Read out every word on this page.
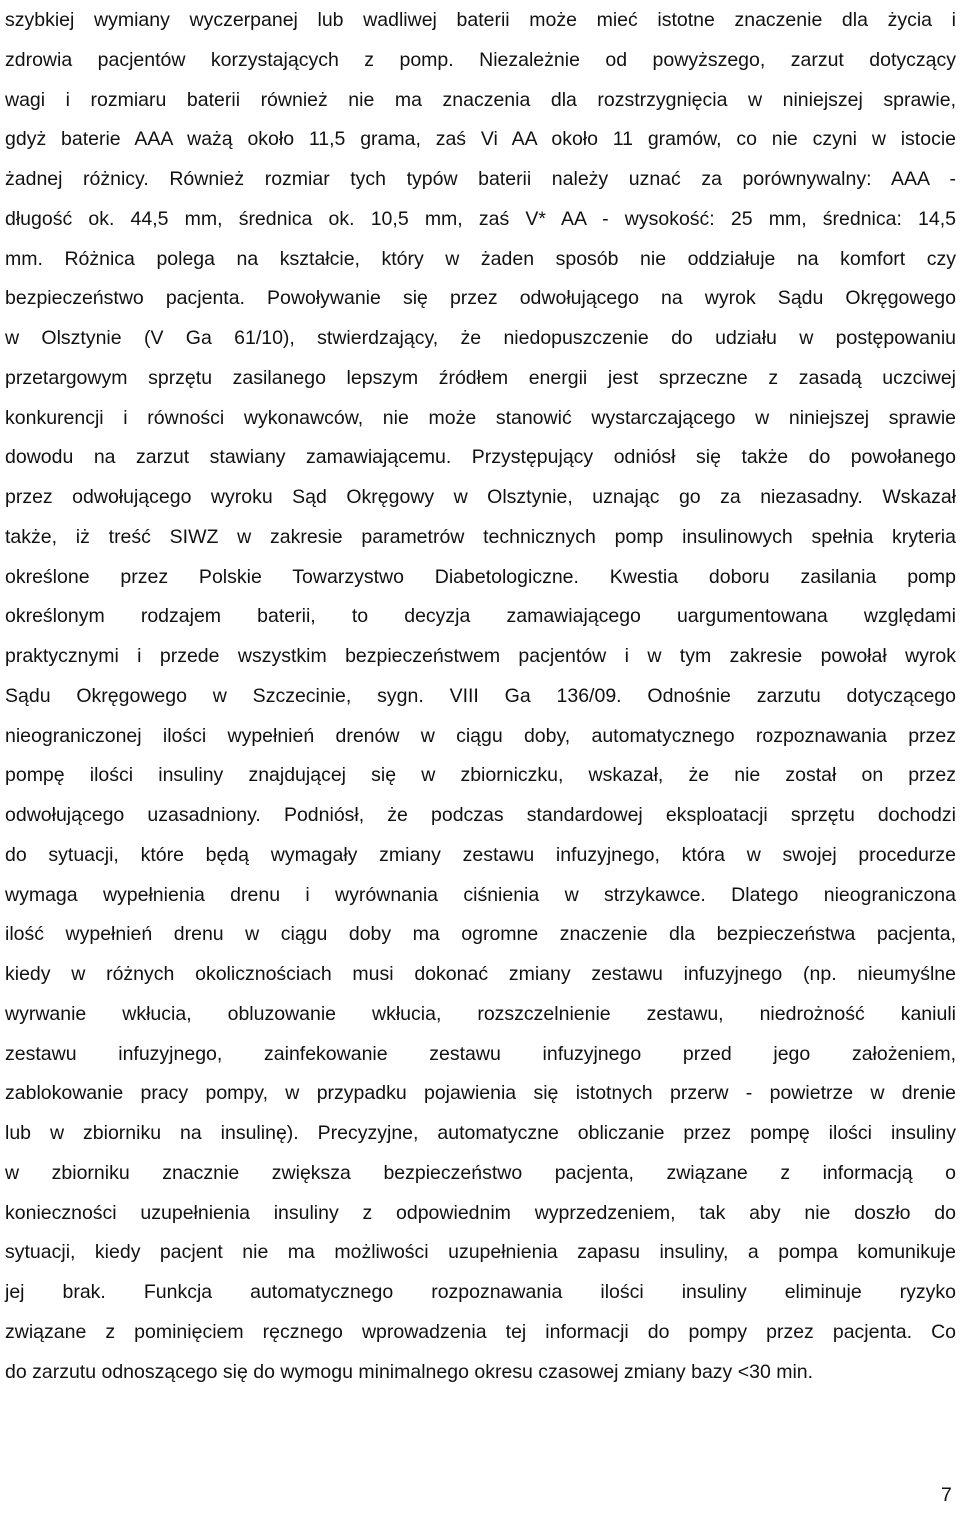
szybkiej wymiany wyczerpanej lub wadliwej baterii może mieć istotne znaczenie dla życia i
zdrowia pacjentów korzystających z pomp. Niezależnie od powyższego, zarzut dotyczący
wagi i rozmiaru baterii również nie ma znaczenia dla rozstrzygnięcia w niniejszej sprawie,
gdyż baterie AAA ważą około 11,5 grama, zaś Vi AA około 11 gramów, co nie czyni w istocie
żadnej różnicy. Również rozmiar tych typów baterii należy uznać za porównywalny: AAA -
długość ok. 44,5 mm, średnica ok. 10,5 mm, zaś V* AA - wysokość: 25 mm, średnica: 14,5
mm. Różnica polega na kształcie, który w żaden sposób nie oddziałuje na komfort czy
bezpieczeństwo pacjenta. Powoływanie się przez odwołującego na wyrok Sądu Okręgowego
w Olsztynie (V Ga 61/10), stwierdzający, że niedopuszczenie do udziału w postępowaniu
przetargowym sprzętu zasilanego lepszym źródłem energii jest sprzeczne z zasadą uczciwej
konkurencji i równości wykonawców, nie może stanowić wystarczającego w niniejszej sprawie
dowodu na zarzut stawiany zamawiającemu. Przystępujący odniósł się także do powołanego
przez odwołującego wyroku Sąd Okręgowy w Olsztynie, uznając go za niezasadny. Wskazał
także, iż treść SIWZ w zakresie parametrów technicznych pomp insulinowych spełnia kryteria
określone przez Polskie Towarzystwo Diabetologiczne. Kwestia doboru zasilania pomp
określonym rodzajem baterii, to decyzja zamawiającego uargumentowana względami
praktycznymi i przede wszystkim bezpieczeństwem pacjentów i w tym zakresie powołał wyrok
Sądu Okręgowego w Szczecinie, sygn. VIII Ga 136/09. Odnośnie zarzutu dotyczącego
nieograniczonej ilości wypełnień drenów w ciągu doby, automatycznego rozpoznawania przez
pompę ilości insuliny znajdującej się w zbiorniczku, wskazał, że nie został on przez
odwołującego uzasadniony. Podniósł, że podczas standardowej eksploatacji sprzętu dochodzi
do sytuacji, które będą wymagały zmiany zestawu infuzyjnego, która w swojej procedurze
wymaga wypełnienia drenu i wyrównania ciśnienia w strzykawce. Dlatego nieograniczona
ilość wypełnień drenu w ciągu doby ma ogromne znaczenie dla bezpieczeństwa pacjenta,
kiedy w różnych okolicznościach musi dokonać zmiany zestawu infuzyjnego (np. nieumyślne
wyrwanie wkłucia, obluzowanie wkłucia, rozszczelnienie zestawu, niedrożność kaniuli
zestawu infuzyjnego, zainfekowanie zestawu infuzyjnego przed jego założeniem,
zablokowanie pracy pompy, w przypadku pojawienia się istotnych przerw - powietrze w drenie
lub w zbiorniku na insulinę). Precyzyjne, automatyczne obliczanie przez pompę ilości insuliny
w zbiorniku znacznie zwiększa bezpieczeństwo pacjenta, związane z informacją o
konieczności uzupełnienia insuliny z odpowiednim wyprzedzeniem, tak aby nie doszło do
sytuacji, kiedy pacjent nie ma możliwości uzupełnienia zapasu insuliny, a pompa komunikuje
jej brak. Funkcja automatycznego rozpoznawania ilości insuliny eliminuje ryzyko
związane z pominięciem ręcznego wprowadzenia tej informacji do pompy przez pacjenta. Co
do zarzutu odnoszącego się do wymogu minimalnego okresu czasowej zmiany bazy <30 min.
7
